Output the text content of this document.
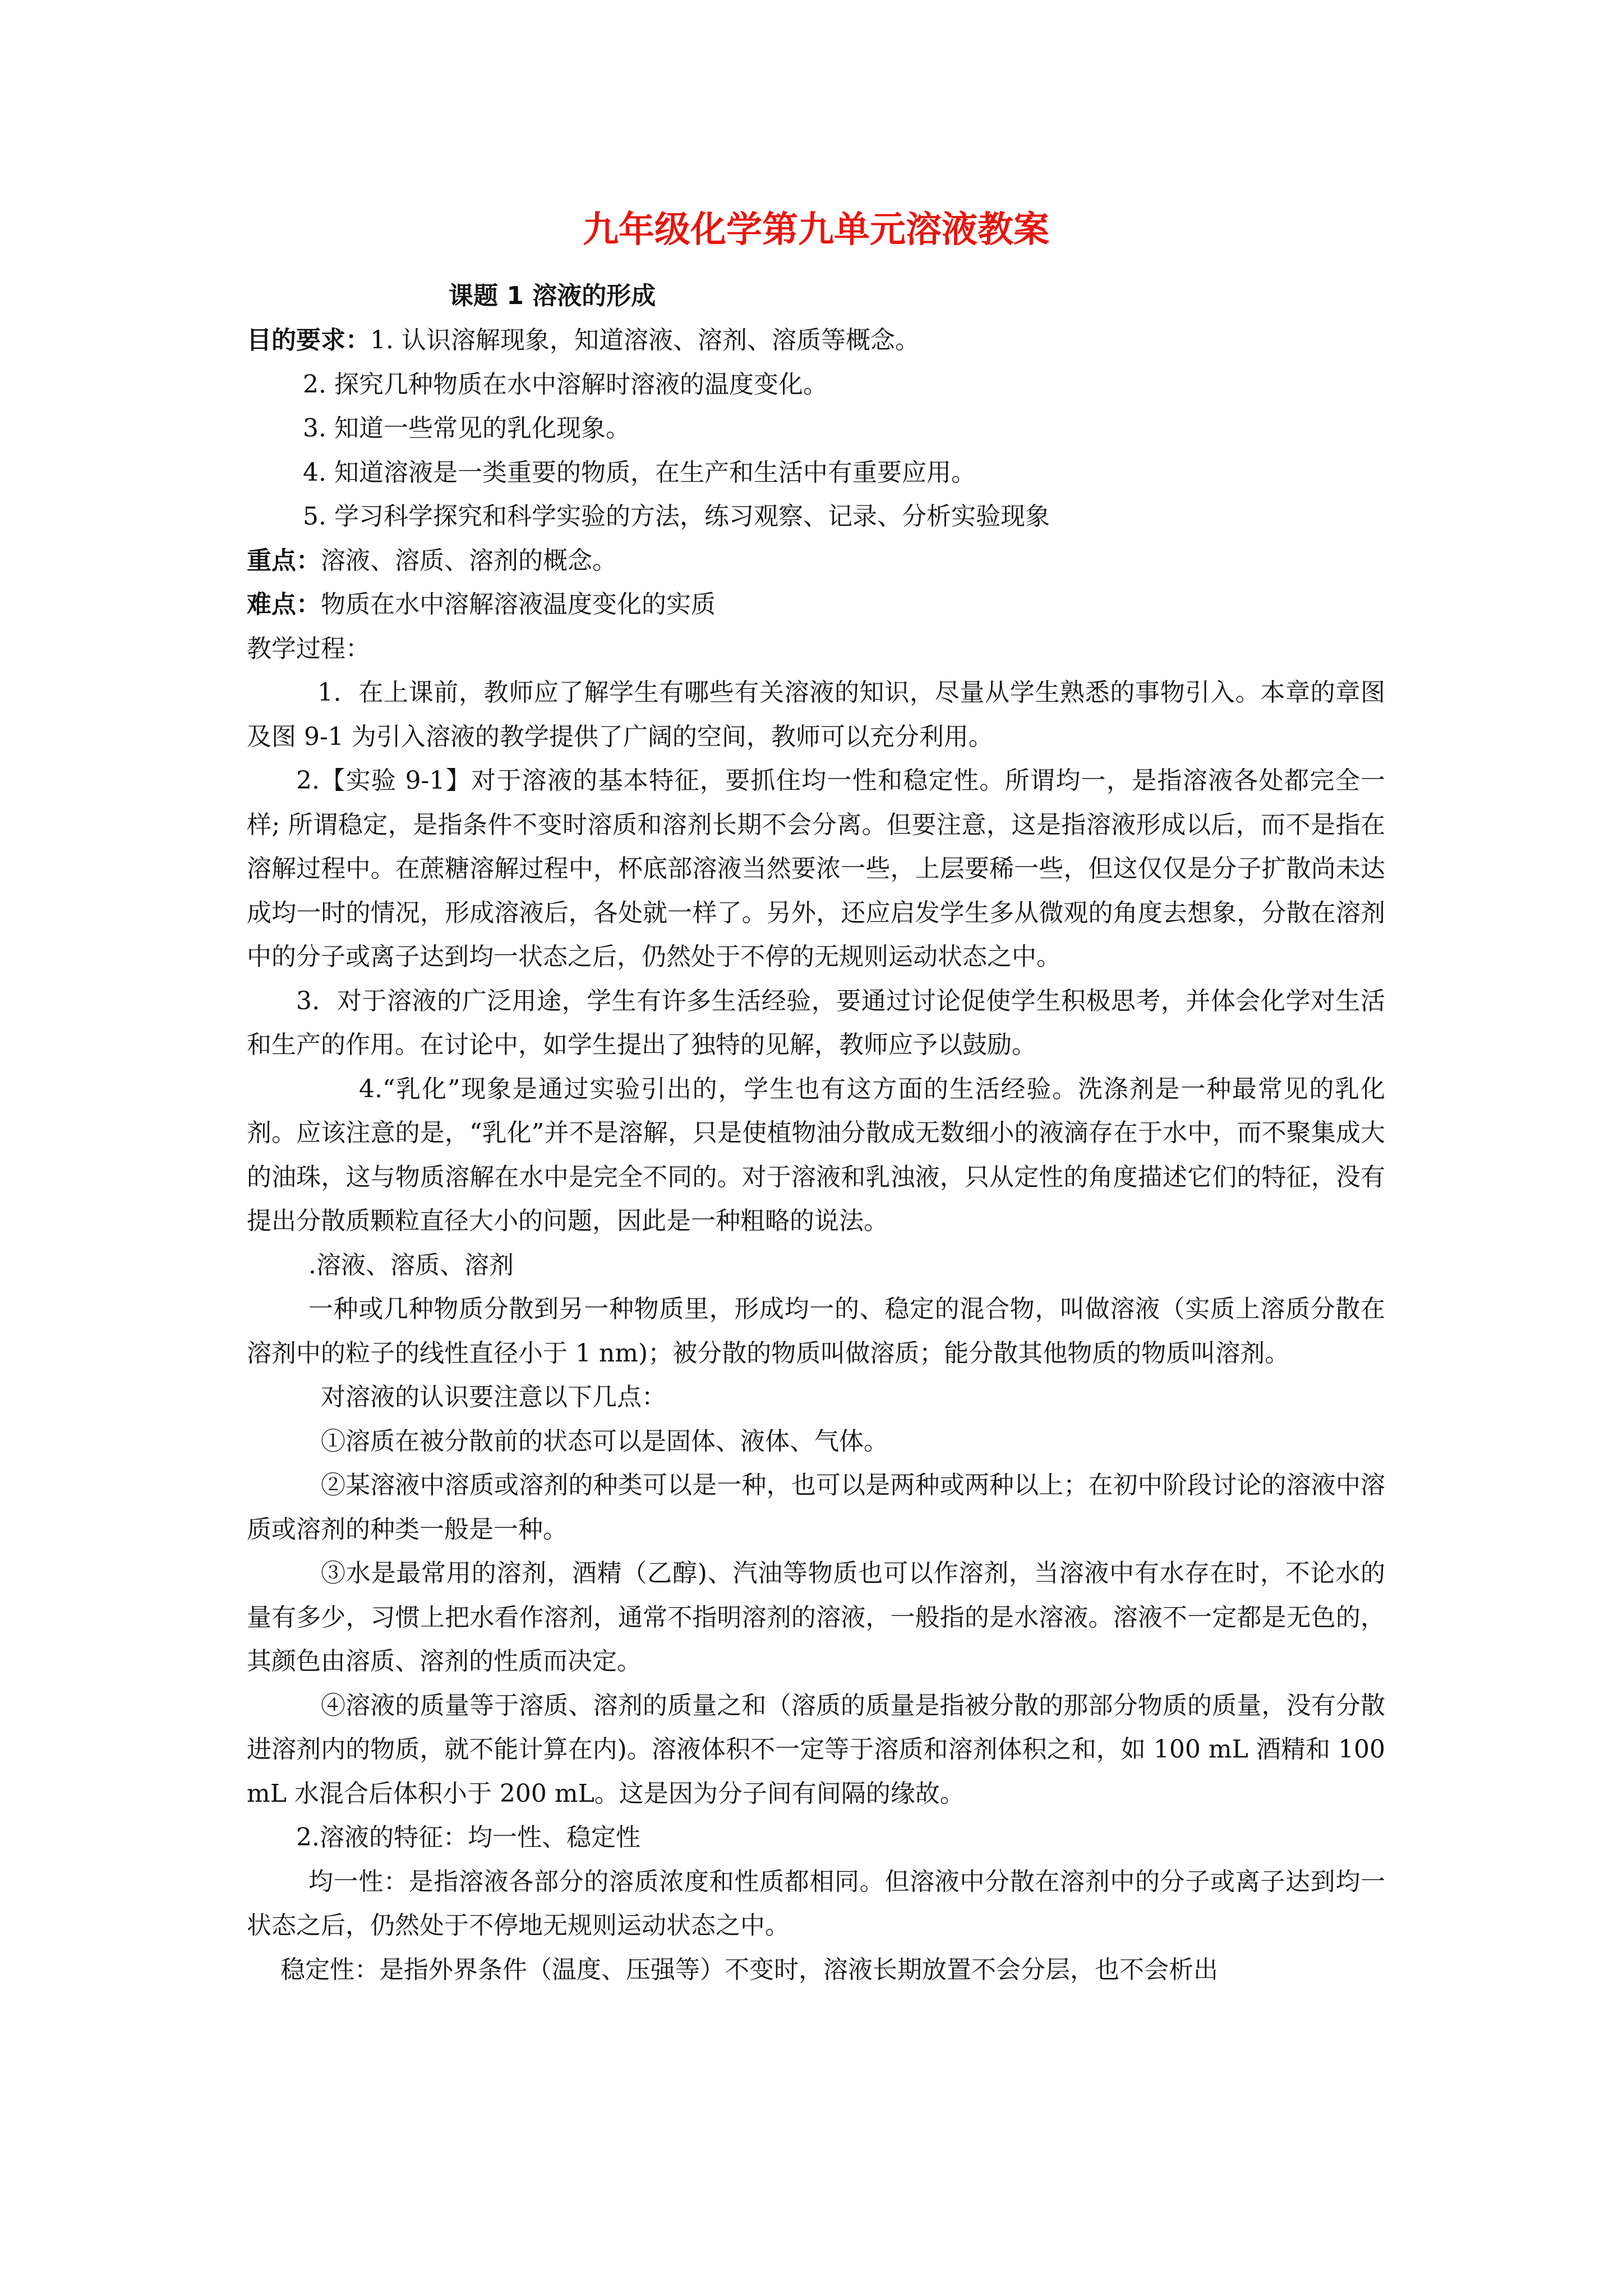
九年级化学第九单元溶液教案

课题 1 溶液的形成

目的要求：1. 认识溶解现象，知道溶液、溶剂、溶质等概念。

2. 探究几种物质在水中溶解时溶液的温度变化。

3. 知道一些常见的乳化现象。

4. 知道溶液是一类重要的物质，在生产和生活中有重要应用。

5. 学习科学探究和科学实验的方法，练习观察、记录、分析实验现象

重点：溶液、溶质、溶剂的概念。

难点：物质在水中溶解溶液温度变化的实质

教学过程：

1．在上课前，教师应了解学生有哪些有关溶液的知识，尽量从学生熟悉的事物引入。本章的章图及图 9-1 为引入溶液的教学提供了广阔的空间，教师可以充分利用。

2.【实验 9-1】对于溶液的基本特征，要抓住均一性和稳定性。所谓均一，是指溶液各处都完全一样; 所谓稳定，是指条件不变时溶质和溶剂长期不会分离。但要注意，这是指溶液形成以后，而不是指在溶解过程中。在蔗糖溶解过程中，杯底部溶液当然要浓一些，上层要稀一些，但这仅仅是分子扩散尚未达成均一时的情况，形成溶液后，各处就一样了。另外，还应启发学生多从微观的角度去想象，分散在溶剂中的分子或离子达到均一状态之后，仍然处于不停的无规则运动状态之中。

3．对于溶液的广泛用途，学生有许多生活经验，要通过讨论促使学生积极思考，并体会化学对生活和生产的作用。在讨论中，如学生提出了独特的见解，教师应予以鼓励。

4.“乳化”现象是通过实验引出的，学生也有这方面的生活经验。洗涤剂是一种最常见的乳化剂。应该注意的是，“乳化”并不是溶解，只是使植物油分散成无数细小的液滴存在于水中，而不聚集成大的油珠，这与物质溶解在水中是完全不同的。对于溶液和乳浊液，只从定性的角度描述它们的特征，没有提出分散质颗粒直径大小的问题，因此是一种粗略的说法。

.溶液、溶质、溶剂

一种或几种物质分散到另一种物质里，形成均一的、稳定的混合物，叫做溶液（实质上溶质分散在溶剂中的粒子的线性直径小于 1 nm)；被分散的物质叫做溶质；能分散其他物质的物质叫溶剂。

对溶液的认识要注意以下几点：

①溶质在被分散前的状态可以是固体、液体、气体。

②某溶液中溶质或溶剂的种类可以是一种，也可以是两种或两种以上；在初中阶段讨论的溶液中溶质或溶剂的种类一般是一种。

③水是最常用的溶剂，酒精（乙醇)、汽油等物质也可以作溶剂，当溶液中有水存在时，不论水的量有多少，习惯上把水看作溶剂，通常不指明溶剂的溶液，一般指的是水溶液。溶液不一定都是无色的，其颜色由溶质、溶剂的性质而决定。

④溶液的质量等于溶质、溶剂的质量之和（溶质的质量是指被分散的那部分物质的质量，没有分散进溶剂内的物质，就不能计算在内)。溶液体积不一定等于溶质和溶剂体积之和，如 100 mL 酒精和 100 mL 水混合后体积小于 200 mL。这是因为分子间有间隔的缘故。

2.溶液的特征：均一性、稳定性

均一性：是指溶液各部分的溶质浓度和性质都相同。但溶液中分散在溶剂中的分子或离子达到均一状态之后，仍然处于不停地无规则运动状态之中。

稳定性：是指外界条件（温度、压强等）不变时，溶液长期放置不会分层，也不会析出
